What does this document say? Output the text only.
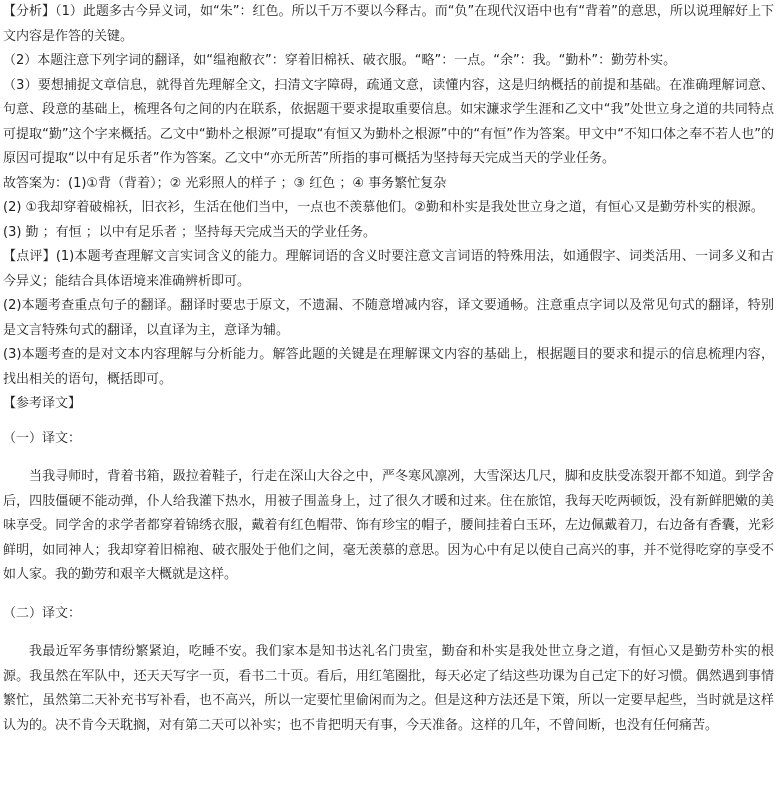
【分析】（1）此题多古今异义词，如“朱”：红色。所以千万不要以今释古。而“负”在现代汉语中也有“背着”的意思，所以说理解好上下文内容是作答的关键。

（2）本题注意下列字词的翻译，如“缊袍敝衣”：穿着旧棉袄、破衣服。“略”：一点。“余”：我。“勤朴”：勤劳朴实。

（3）要想捕捉文章信息，就得首先理解全文，扫清文字障碍，疏通文意，读懂内容，这是归纳概括的前提和基础。在准确理解词意、句意、段意的基础上，梳理各句之间的内在联系，依据题干要求提取重要信息。如宋濂求学生涯和乙文中“我”处世立身之道的共同特点可提取“勤”这个字来概括。乙文中“勤朴之根源”可提取“有恒又为勤朴之根源”中的“有恒”作为答案。甲文中“不知口体之奉不若人也”的原因可提取“以中有足乐者”作为答案。乙文中“亦无所苦”所指的事可概括为坚持每天完成当天的学业任务。

故答案为：(1)①背（背着）；② 光彩照人的样子 ；③ 红色 ；④ 事务繁忙复杂

(2) ①我却穿着破棉袄，旧衣衫，生活在他们当中，一点也不羡慕他们。②勤和朴实是我处世立身之道，有恒心又是勤劳朴实的根源。

(3) 勤 ；有恒 ；以中有足乐者 ；坚持每天完成当天的学业任务。

【点评】(1)本题考查理解文言实词含义的能力。理解词语的含义时要注意文言词语的特殊用法，如通假字、词类活用、一词多义和古今异义；能结合具体语境来准确辨析即可。

(2)本题考查重点句子的翻译。翻译时要忠于原文，不遗漏、不随意增减内容，译文要通畅。注意重点字词以及常见句式的翻译，特别是文言特殊句式的翻译，以直译为主，意译为辅。

(3)本题考查的是对文本内容理解与分析能力。解答此题的关键是在理解课文内容的基础上，根据题目的要求和提示的信息梳理内容，找出相关的语句，概括即可。

【参考译文】

（一）译文：

当我寻师时，背着书箱，趿拉着鞋子，行走在深山大谷之中，严冬寒风凛冽，大雪深达几尺，脚和皮肤受冻裂开都不知道。到学舍后，四肢僵硬不能动弹，仆人给我灌下热水，用被子围盖身上，过了很久才暖和过来。住在旅馆，我每天吃两顿饭，没有新鲜肥嫩的美味享受。同学舍的求学者都穿着锦绣衣服，戴着有红色帽带、饰有珍宝的帽子，腰间挂着白玉环，左边佩戴着刀，右边备有香囊，光彩鲜明，如同神人；我却穿着旧棉袍、破衣服处于他们之间，毫无羡慕的意思。因为心中有足以使自己高兴的事，并不觉得吃穿的享受不如人家。我的勤劳和艰辛大概就是这样。

（二）译文：

我最近军务事情纷繁紧迫，吃睡不安。我们家本是知书达礼名门贵室，勤奋和朴实是我处世立身之道，有恒心又是勤劳朴实的根源。我虽然在军队中，还天天写字一页，看书二十页。看后，用红笔圈批，每天必定了结这些功课为自己定下的好习惯。偶然遇到事情繁忙，虽然第二天补充书写补看，也不高兴，所以一定要忙里偷闲而为之。但是这种方法还是下策，所以一定要早起些，当时就是这样认为的。决不肯今天耽搁，对有第二天可以补实；也不肯把明天有事，今天准备。这样的几年，不曾间断，也没有任何痛苦。
